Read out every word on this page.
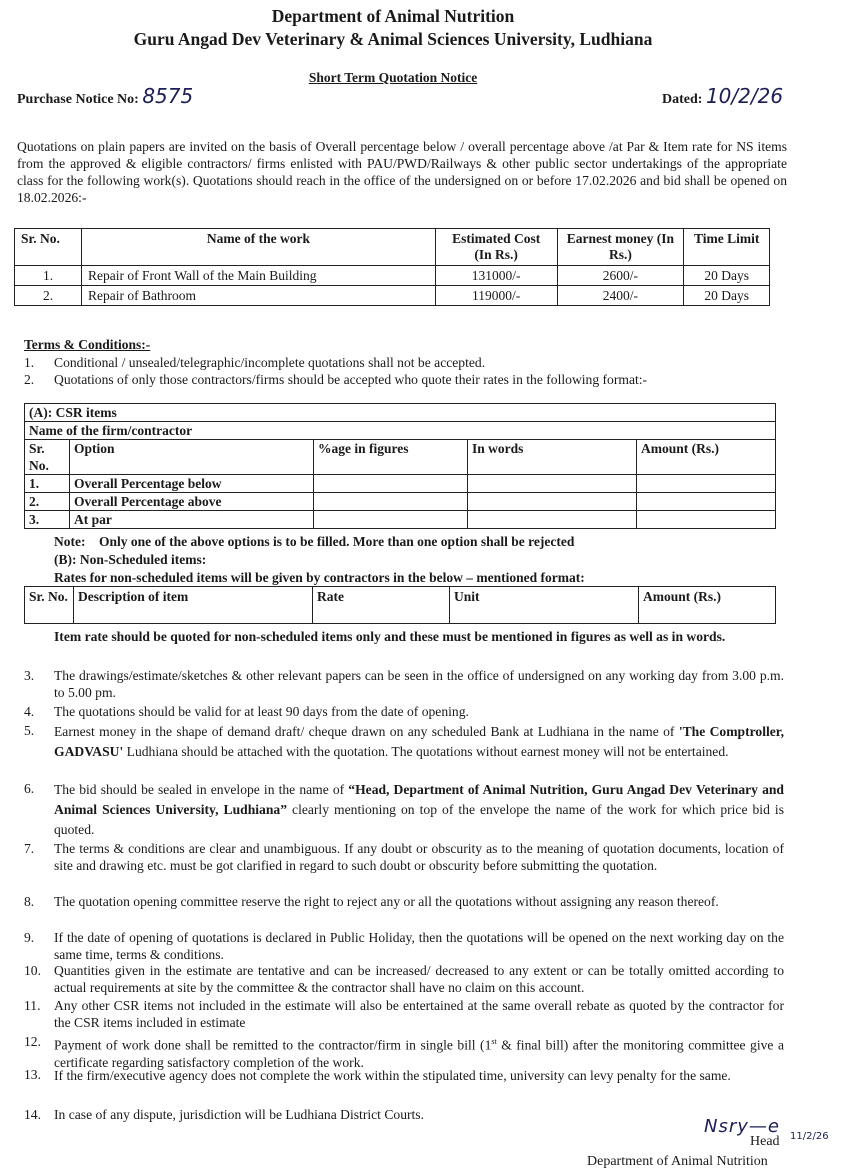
Department of Animal Nutrition
Guru Angad Dev Veterinary & Animal Sciences University, Ludhiana
Short Term Quotation Notice
Purchase Notice No: 8575	Dated: 10/2/26
Quotations on plain papers are invited on the basis of Overall percentage below / overall percentage above /at Par & Item rate for NS items from the approved & eligible contractors/ firms enlisted with PAU/PWD/Railways & other public sector undertakings of the appropriate class for the following work(s). Quotations should reach in the office of the undersigned on or before 17.02.2026 and bid shall be opened on 18.02.2026:-
Sr. No.	Name of the work	Estimated Cost (In Rs.)	Earnest money (In Rs.)	Time Limit
1.	Repair of Front Wall of the Main Building	131000/-	2600/-	20 Days
2.	Repair of Bathroom	119000/-	2400/-	20 Days
Terms & Conditions:-
1.	Conditional / unsealed/telegraphic/incomplete quotations shall not be accepted.
2.	Quotations of only those contractors/firms should be accepted who quote their rates in the following format:-
(A): CSR items				
Name of the firm/contractor				
Sr. No.	Option	%age in figures	In words	Amount (Rs.)
1.	Overall Percentage below			
2.	Overall Percentage above			
3.	At par			
Note: Only one of the above options is to be filled. More than one option shall be rejected
(B): Non-Scheduled items:
Rates for non-scheduled items will be given by contractors in the below – mentioned format:
Sr. No.	Description of item	Rate	Unit	Amount (Rs.)
Item rate should be quoted for non-scheduled items only and these must be mentioned in figures as well as in words.
3.	The drawings/estimate/sketches & other relevant papers can be seen in the office of undersigned on any working day from 3.00 p.m. to 5.00 pm.
4.	The quotations should be valid for at least 90 days from the date of opening.
5.	Earnest money in the shape of demand draft/ cheque drawn on any scheduled Bank at Ludhiana in the name of 'The Comptroller, GADVASU' Ludhiana should be attached with the quotation. The quotations without earnest money will not be entertained.
6.	The bid should be sealed in envelope in the name of “Head, Department of Animal Nutrition, Guru Angad Dev Veterinary and Animal Sciences University, Ludhiana” clearly mentioning on top of the envelope the name of the work for which price bid is quoted.
7.	The terms & conditions are clear and unambiguous. If any doubt or obscurity as to the meaning of quotation documents, location of site and drawing etc. must be got clarified in regard to such doubt or obscurity before submitting the quotation.
8.	The quotation opening committee reserve the right to reject any or all the quotations without assigning any reason thereof.
9.	If the date of opening of quotations is declared in Public Holiday, then the quotations will be opened on the next working day on the same time, terms & conditions.
10. Quantities given in the estimate are tentative and can be increased/ decreased to any extent or can be totally omitted according to actual requirements at site by the committee & the contractor shall have no claim on this account.
11. Any other CSR items not included in the estimate will also be entertained at the same overall rebate as quoted by the contractor for the CSR items included in estimate
12. Payment of work done shall be remitted to the contractor/firm in single bill (1st & final bill) after the monitoring committee give a certificate regarding satisfactory completion of the work.
13. If the firm/executive agency does not complete the work within the stipulated time, university can levy penalty for the same.
14. In case of any dispute, jurisdiction will be Ludhiana District Courts.
Nsry—e 11/2/26
Head
Department of Animal Nutrition
